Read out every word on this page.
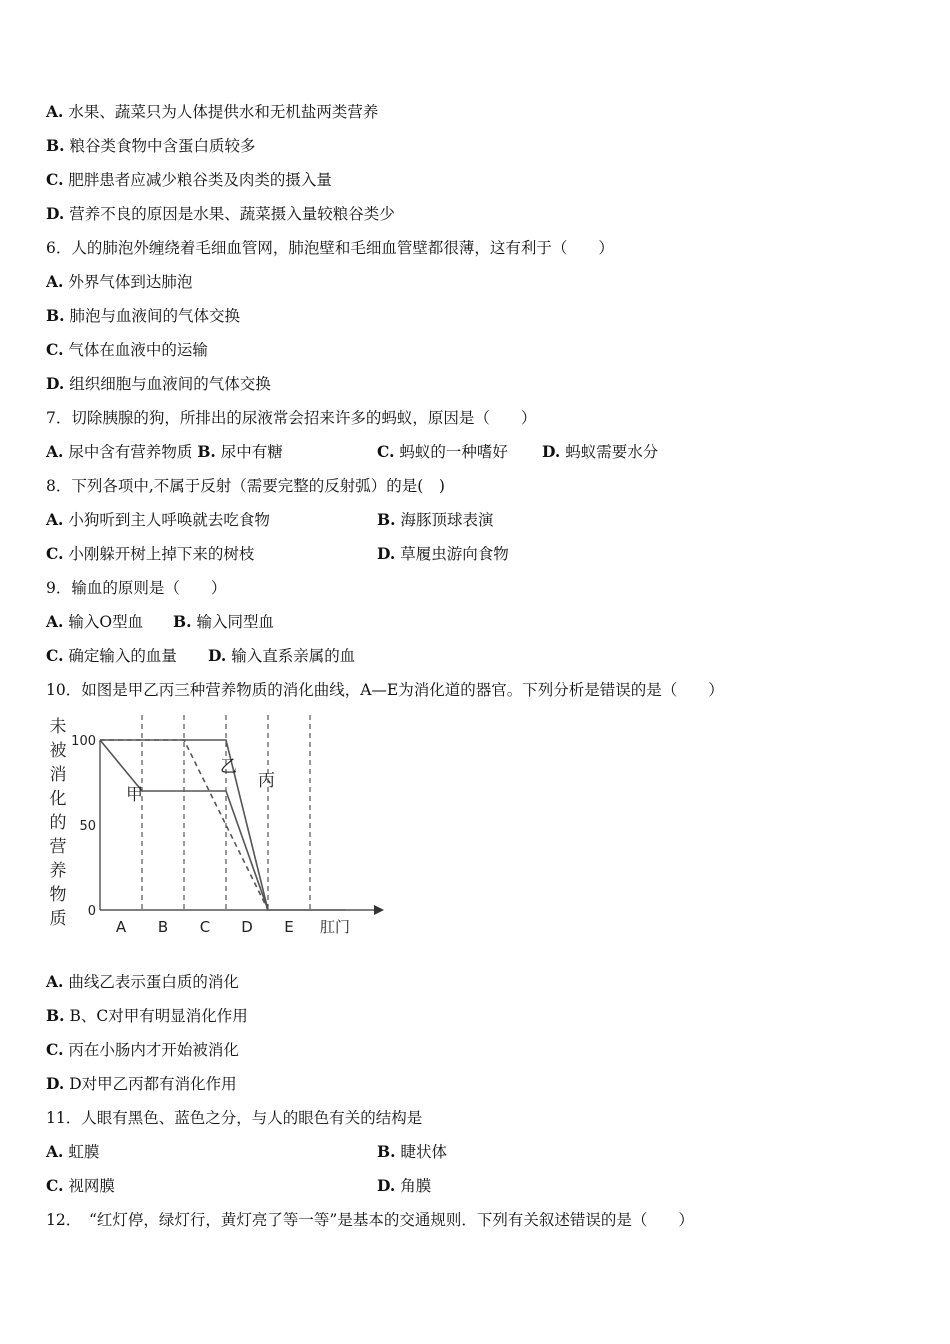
A. 水果、蔬菜只为人体提供水和无机盐两类营养
B. 粮谷类食物中含蛋白质较多
C. 肥胖患者应减少粮谷类及肉类的摄入量
D. 营养不良的原因是水果、蔬菜摄入量较粮谷类少
6．人的肺泡外缠绕着毛细血管网，肺泡壁和毛细血管壁都很薄，这有利于（　　）
A. 外界气体到达肺泡
B. 肺泡与血液间的气体交换
C. 气体在血液中的运输
D. 组织细胞与血液间的气体交换
7．切除胰腺的狗，所排出的尿液常会招来许多的蚂蚁，原因是（　　）
A. 尿中含有营养物质 B. 尿中有糖	C. 蚂蚁的一种嗜好 D. 蚂蚁需要水分
8．下列各项中,不属于反射（需要完整的反射弧）的是(　)
A. 小狗听到主人呼唤就去吃食物	B. 海豚顶球表演
C. 小刚躲开树上掉下来的树枝	D. 草履虫游向食物
9．输血的原则是（　　）
A. 输入O型血 B. 输入同型血
C. 确定输入的血量 D. 输入直系亲属的血
10．如图是甲乙丙三种营养物质的消化曲线，A—E为消化道的器官。下列分析是错误的是（　　）
未
被
消
化
的
营
养
物
质
100
50
0
A B C D E 肛门
甲
乙
丙
A. 曲线乙表示蛋白质的消化
B. B、C对甲有明显消化作用
C. 丙在小肠内才开始被消化
D. D对甲乙丙都有消化作用
11．人眼有黑色、蓝色之分，与人的眼色有关的结构是
A. 虹膜	B. 睫状体
C. 视网膜	D. 角膜
12．　“红灯停，绿灯行，黄灯亮了等一等”是基本的交通规则．下列有关叙述错误的是（　　）
